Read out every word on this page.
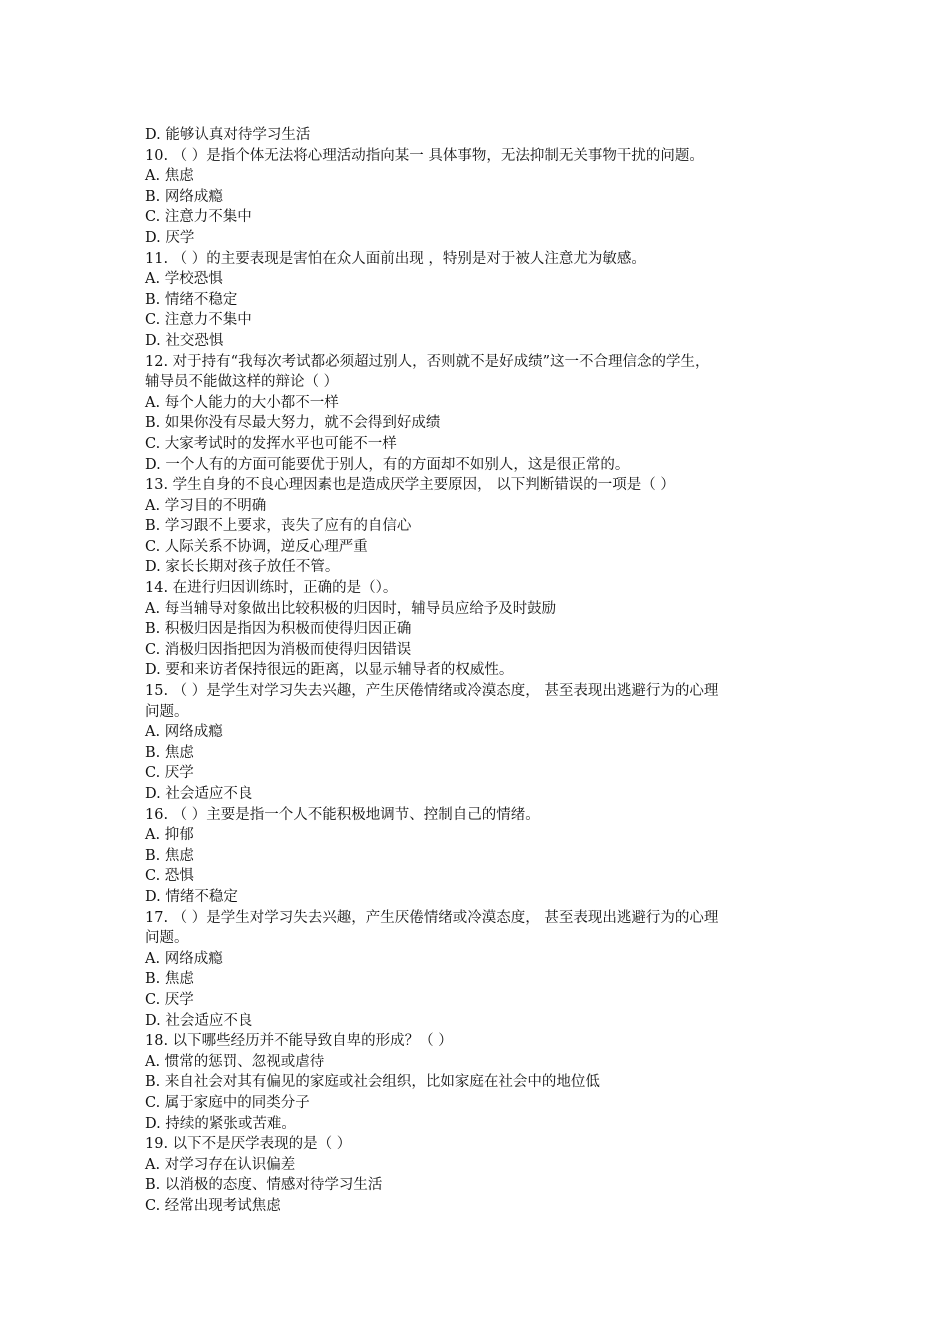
D. 能够认真对待学习生活
10. （ ）是指个体无法将心理活动指向某一 具体事物，无法抑制无关事物干扰的问题。
A. 焦虑
B. 网络成瘾
C. 注意力不集中
D. 厌学
11. （ ）的主要表现是害怕在众人面前出现 ，特别是对于被人注意尤为敏感。
A. 学校恐惧
B. 情绪不稳定
C. 注意力不集中
D. 社交恐惧
12. 对于持有“我每次考试都必须超过别人，否则就不是好成绩”这一不合理信念的学生，
辅导员不能做这样的辩论（ ）
A. 每个人能力的大小都不一样
B. 如果你没有尽最大努力，就不会得到好成绩
C. 大家考试时的发挥水平也可能不一样
D. 一个人有的方面可能要优于别人，有的方面却不如别人，这是很正常的。
13. 学生自身的不良心理因素也是造成厌学主要原因， 以下判断错误的一项是（ ）
A. 学习目的不明确
B. 学习跟不上要求，丧失了应有的自信心
C. 人际关系不协调，逆反心理严重
D. 家长长期对孩子放任不管。
14. 在进行归因训练时，正确的是（）。
A. 每当辅导对象做出比较积极的归因时，辅导员应给予及时鼓励
B. 积极归因是指因为积极而使得归因正确
C. 消极归因指把因为消极而使得归因错误
D. 要和来访者保持很远的距离，以显示辅导者的权威性。
15. （ ）是学生对学习失去兴趣，产生厌倦情绪或冷漠态度， 甚至表现出逃避行为的心理
问题。
A. 网络成瘾
B. 焦虑
C. 厌学
D. 社会适应不良
16. （ ）主要是指一个人不能积极地调节、控制自己的情绪。
A. 抑郁
B. 焦虑
C. 恐惧
D. 情绪不稳定
17. （ ）是学生对学习失去兴趣，产生厌倦情绪或冷漠态度， 甚至表现出逃避行为的心理
问题。
A. 网络成瘾
B. 焦虑
C. 厌学
D. 社会适应不良
18. 以下哪些经历并不能导致自卑的形成？（ ）
A. 惯常的惩罚、忽视或虐待
B. 来自社会对其有偏见的家庭或社会组织，比如家庭在社会中的地位低
C. 属于家庭中的同类分子
D. 持续的紧张或苦难。
19. 以下不是厌学表现的是（ ）
A. 对学习存在认识偏差
B. 以消极的态度、情感对待学习生活
C. 经常出现考试焦虑
